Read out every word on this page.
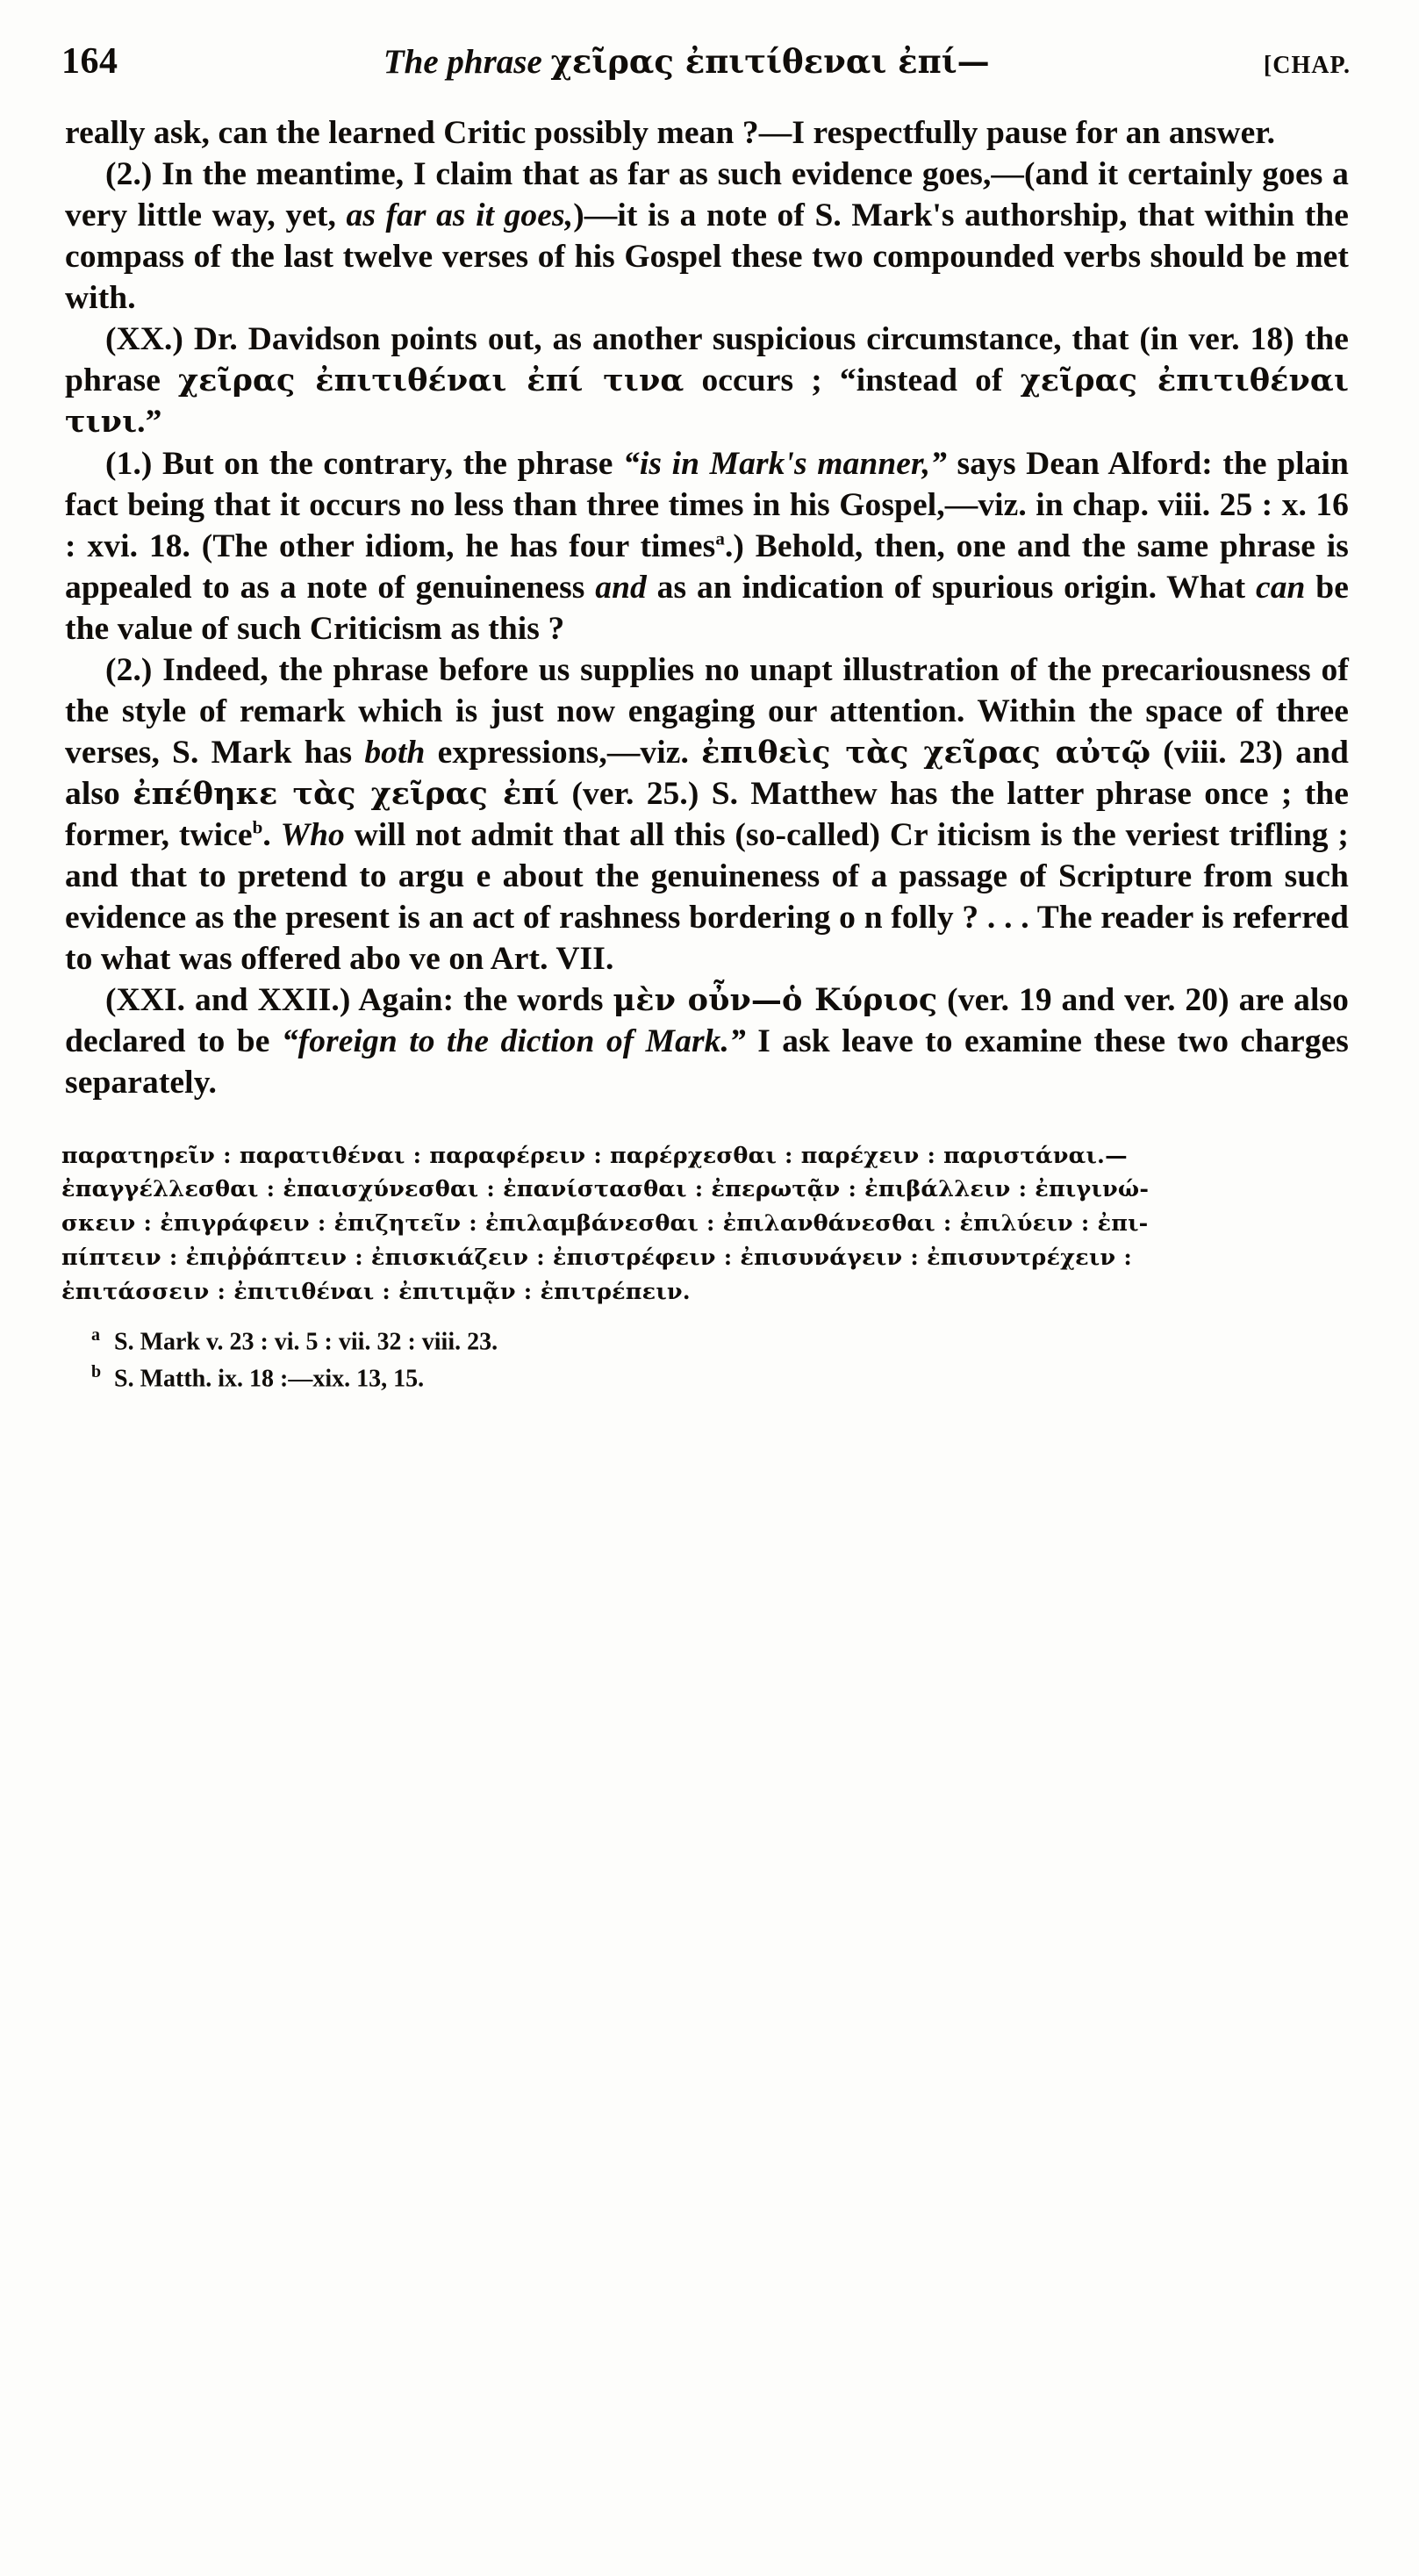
164	The phrase χεῖρας ἐπιτίθεναι ἐπί—	[CHAP.

really ask, can the learned Critic possibly mean ?—I respectfully pause for an answer.

(2.) In the meantime, I claim that as far as such evidence goes,—(and it certainly goes a very little way, yet, as far as it goes,)—it is a note of S. Mark's authorship, that within the compass of the last twelve verses of his Gospel these two compounded verbs should be met with.

(XX.) Dr. Davidson points out, as another suspicious circumstance, that (in ver. 18) the phrase χεῖρας ἐπιτιθέναι ἐπί τινα occurs ; “instead of χεῖρας ἐπιτιθέναι τινι.”

(1.) But on the contrary, the phrase “is in Mark's manner,” says Dean Alford: the plain fact being that it occurs no less than three times in his Gospel,—viz. in chap. viii. 25 : x. 16 : xvi. 18. (The other idiom, he has four times$^a$.) Behold, then, one and the same phrase is appealed to as a note of genuineness and as an indication of spurious origin. What can be the value of such Criticism as this ?

(2.) Indeed, the phrase before us supplies no unapt illustration of the precariousness of the style of remark which is just now engaging our attention. Within the space of three verses, S. Mark has both expressions,—viz. ἐπιθεὶς τὰς χεῖρας αὐτῷ (viii. 23) and also ἐπέθηκε τὰς χεῖρας ἐπί (ver. 25.) S. Matthew has the latter phrase once ; the former, twice$^b$. Who will not admit that all this (so-called) Cr iticism is the veriest trifling ; and that to pretend to argu e about the genuineness of a passage of Scripture from such evidence as the present is an act of rashness bordering o n folly ? . . . The reader is referred to what was offered abo ve on Art. VII.

(XXI. and XXII.) Again: the words μὲν οὖν—ὁ Κύριος (ver. 19 and ver. 20) are also declared to be “foreign to the diction of Mark.” I ask leave to examine these two charges separately.

παρατηρεῖν : παρατιθέναι : παραφέρειν : παρέρχεσθαι : παρέχειν : παριστάναι.—
ἐπαγγέλλεσθαι : ἐπαισχύνεσθαι : ἐπανίστασθαι : ἐπερωτᾷν : ἐπιβάλλειν : ἐπιγινώ-
σκειν : ἐπιγράφειν : ἐπιζητεῖν : ἐπιλαμβάνεσθαι : ἐπιλανθάνεσθαι : ἐπιλύειν : ἐπι-
πίπτειν : ἐπιῤῥάπτειν : ἐπισκιάζειν : ἐπιστρέφειν : ἐπισυνάγειν : ἐπισυντρέχειν :
ἐπιτάσσειν : ἐπιτιθέναι : ἐπιτιμᾷν : ἐπιτρέπειν.
a S. Mark v. 23 : vi. 5 : vii. 32 : viii. 23.
b S. Matth. ix. 18 :—xix. 13, 15.
